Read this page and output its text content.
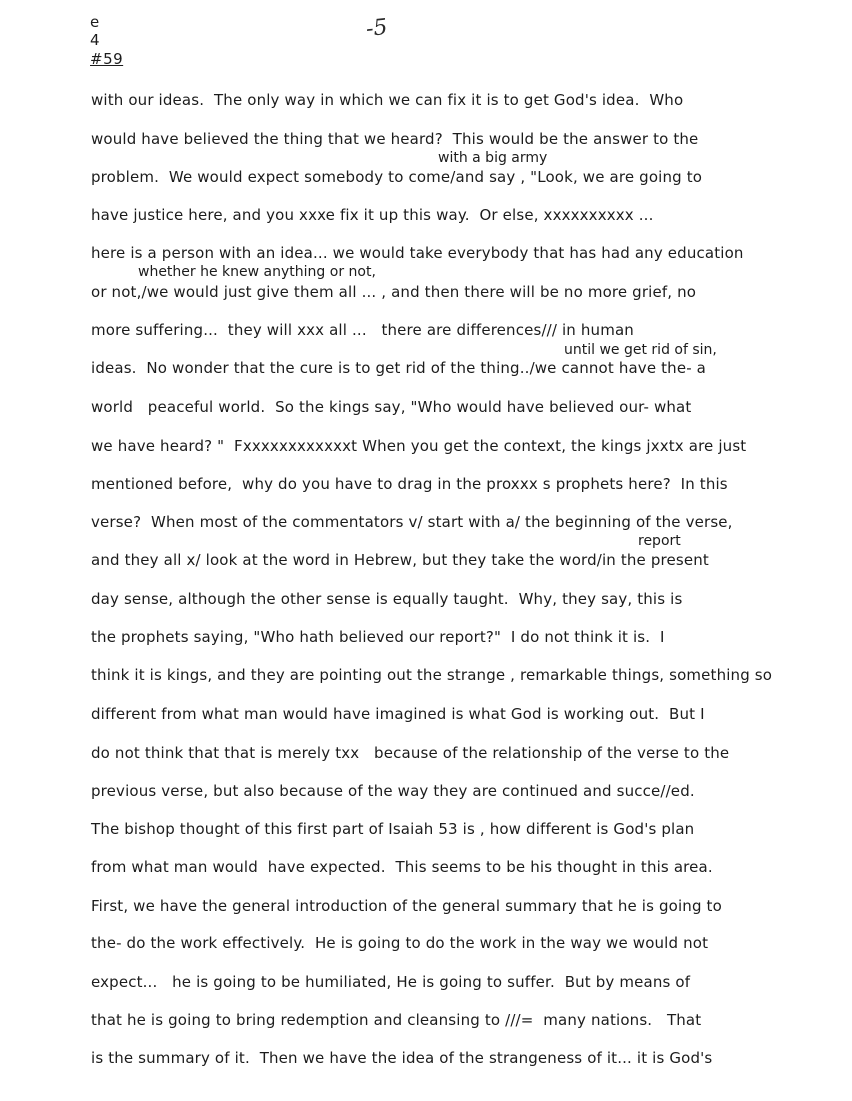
e
4
#59
-5
with a big army
whether he knew anything or not,
until we get rid of sin,
report
with our ideas.  The only way in which we can fix it is to get God's idea.  Who
would have believed the thing that we heard?  This would be the answer to the
problem.  We would expect somebody to come/and say , "Look, we are going to
have justice here, and you xxxe fix it up this way.  Or else, xxxxxxxxxx ...
here is a person with an idea... we would take everybody that has had any education
or not,/we would just give them all ... , and then there will be no more grief, no
more suffering...  they will xxx all ...   there are differences/// in human
ideas.  No wonder that the cure is to get rid of the thing../we cannot have the- a
world   peaceful world.  So the kings say, "Who would have believed our- what
we have heard? "  Fxxxxxxxxxxxxt When you get the context, the kings jxxtx are just
mentioned before,  why do you have to drag in the proxxx s prophets here?  In this
verse?  When most of the commentators v/ start with a/ the beginning of the verse,
and they all x/ look at the word in Hebrew, but they take the word/in the present
day sense, although the other sense is equally taught.  Why, they say, this is
the prophets saying, "Who hath believed our report?"  I do not think it is.  I
think it is kings, and they are pointing out the strange , remarkable things, something so
different from what man would have imagined is what God is working out.  But I
do not think that that is merely txx   because of the relationship of the verse to the
previous verse, but also because of the way they are continued and succe//ed.
The bishop thought of this first part of Isaiah 53 is , how different is God's plan
from what man would  have expected.  This seems to be his thought in this area.
First, we have the general introduction of the general summary that he is going to
the- do the work effectively.  He is going to do the work in the way we would not
expect...   he is going to be humiliated, He is going to suffer.  But by means of
that he is going to bring redemption and cleansing to ///=  many nations.   That
is the summary of it.  Then we have the idea of the strangeness of it... it is God's
